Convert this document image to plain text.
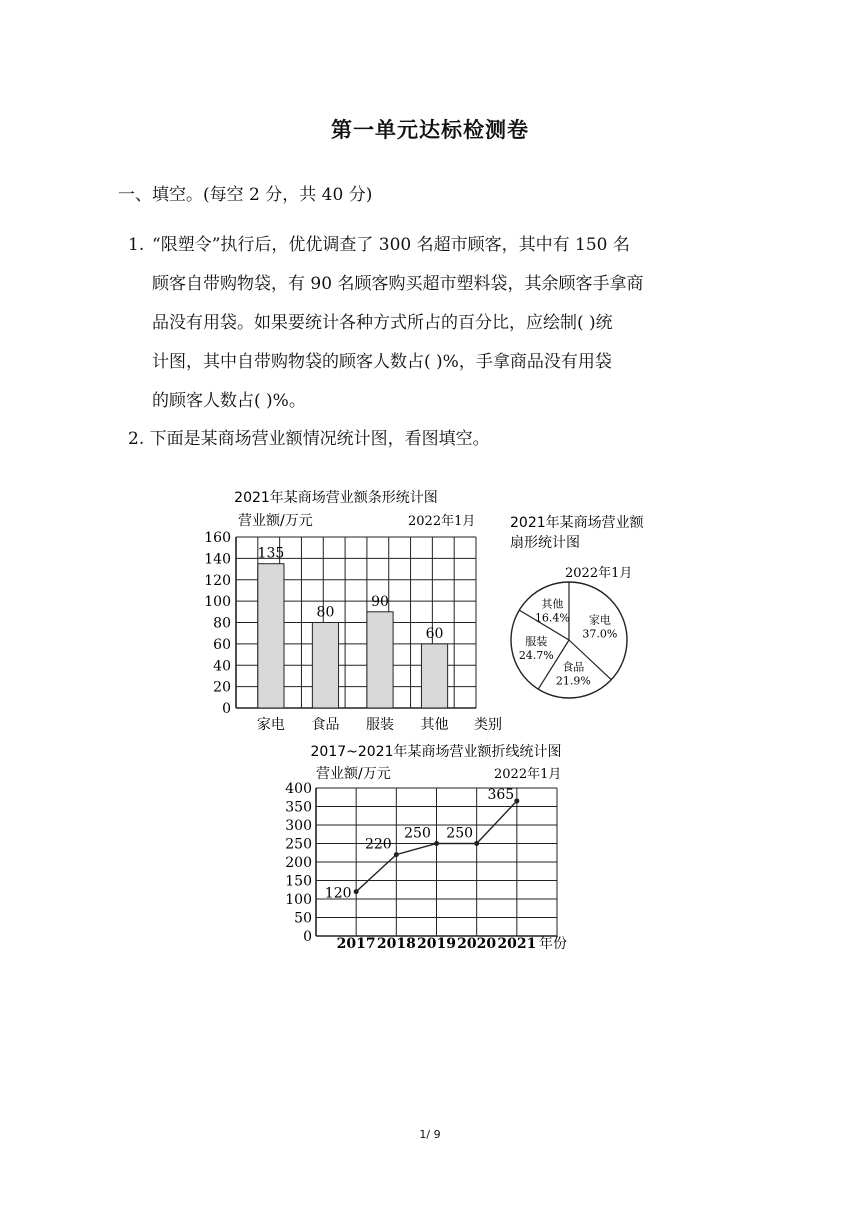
第一单元达标检测卷
一、填空。(每空 2 分，共 40 分)
1. “限塑令”执行后，优优调查了 300 名超市顾客，其中有 150 名
顾客自带购物袋，有 90 名顾客购买超市塑料袋，其余顾客手拿商
品没有用袋。如果要统计各种方式所占的百分比，应绘制( )统
计图，其中自带购物袋的顾客人数占( )%，手拿商品没有用袋
的顾客人数占( )%。
2. 下面是某商场营业额情况统计图，看图填空。
2021年某商场营业额条形统计图
营业额/万元	2022年1月
类别
0
20
40
60
80
100
120
140
160
135
家电
80
食品
90
服装
60
其他
2021年某商场营业额
扇形统计图
2022年1月
家电
37.0%
食品
21.9%
服装
24.7%
其他
16.4%
2017~2021年某商场营业额折线统计图
营业额/万元	2022年1月
年份
0
50
100
150
200
250
300
350
400
120
2017
220
2018
250
2019
250
2020
365
2021
1/ 9
